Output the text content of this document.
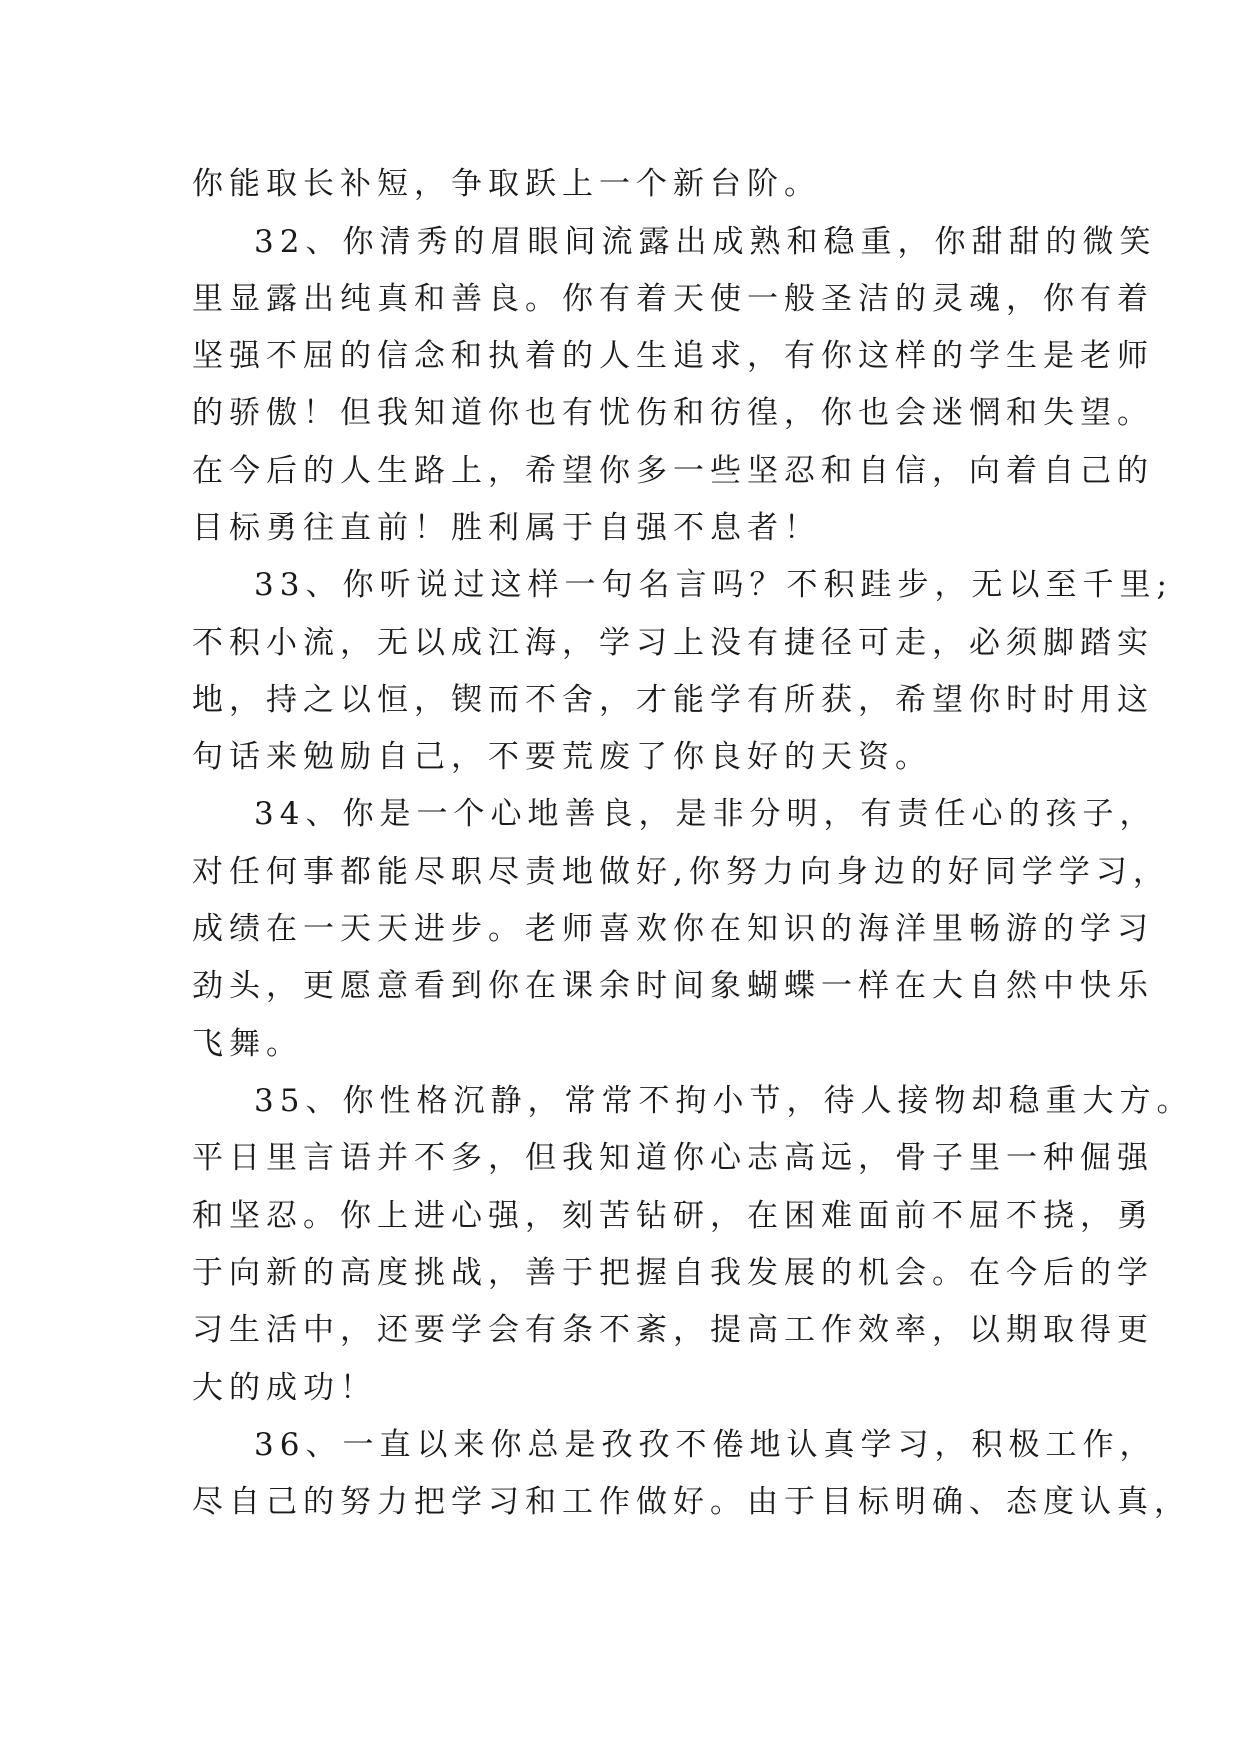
你能取长补短，争取跃上一个新台阶。
32、你清秀的眉眼间流露出成熟和稳重，你甜甜的微笑
里显露出纯真和善良。你有着天使一般圣洁的灵魂，你有着
坚强不屈的信念和执着的人生追求，有你这样的学生是老师
的骄傲！但我知道你也有忧伤和彷徨，你也会迷惘和失望。
在今后的人生路上，希望你多一些坚忍和自信，向着自己的
目标勇往直前！胜利属于自强不息者！
33、你听说过这样一句名言吗？不积跬步，无以至千里;
不积小流，无以成江海，学习上没有捷径可走，必须脚踏实
地，持之以恒，锲而不舍，才能学有所获，希望你时时用这
句话来勉励自己，不要荒废了你良好的天资。
34、你是一个心地善良，是非分明，有责任心的孩子，
对任何事都能尽职尽责地做好,你努力向身边的好同学学习，
成绩在一天天进步。老师喜欢你在知识的海洋里畅游的学习
劲头，更愿意看到你在课余时间象蝴蝶一样在大自然中快乐
飞舞。
35、你性格沉静，常常不拘小节，待人接物却稳重大方。
平日里言语并不多，但我知道你心志高远，骨子里一种倔强
和坚忍。你上进心强，刻苦钻研，在困难面前不屈不挠，勇
于向新的高度挑战，善于把握自我发展的机会。在今后的学
习生活中，还要学会有条不紊，提高工作效率，以期取得更
大的成功！
36、一直以来你总是孜孜不倦地认真学习，积极工作，
尽自己的努力把学习和工作做好。由于目标明确、态度认真，
